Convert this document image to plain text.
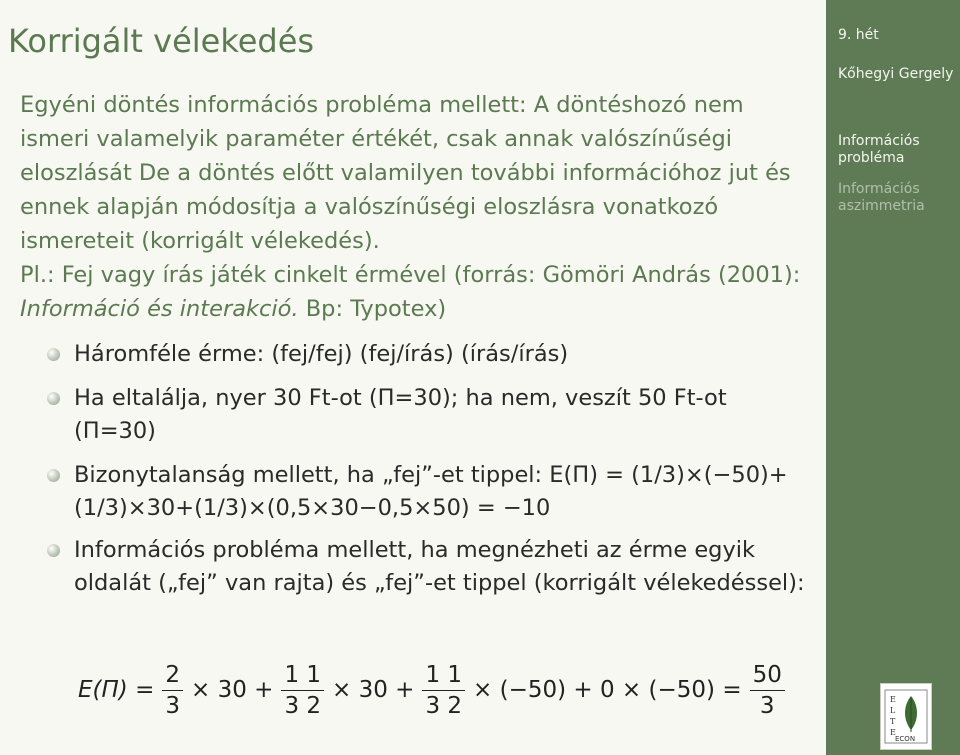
Korrigált vélekedés
Egyéni döntés információs probléma mellett: A döntéshozó nem ismeri valamelyik paraméter értékét, csak annak valószínűségi eloszlását De a döntés előtt valamilyen további információhoz jut és ennek alapján módosítja a valószínűségi eloszlásra vonatkozó ismereteit (korrigált vélekedés).
Pl.: Fej vagy írás játék cinkelt érmével (forrás: Gömöri András (2001): Információ és interakció. Bp: Typotex)
Háromféle érme: (fej/fej) (fej/írás) (írás/írás)
Ha eltalálja, nyer 30 Ft-ot (Π=30); ha nem, veszít 50 Ft-ot (Π=30)
Bizonytalanság mellett, ha „fej”-et tippel: E(Π) = (1/3)×(−50)+(1/3)×30+(1/3)×(0,5×30−0,5×50) = −10
Információs probléma mellett, ha megnézheti az érme egyik oldalát („fej” van rajta) és „fej”-et tippel (korrigált vélekedéssel):
$E(\Pi) = \frac{2}{3} \times 30 + \frac{1 1}{3 2} \times 30 + \frac{1 1}{3 2} \times (-50) + 0 \times (-50) = \frac{50}{3}$
9. hét
Kőhegyi Gergely
Információs probléma
Információs aszimmetria
E
L
T
E
ECON
